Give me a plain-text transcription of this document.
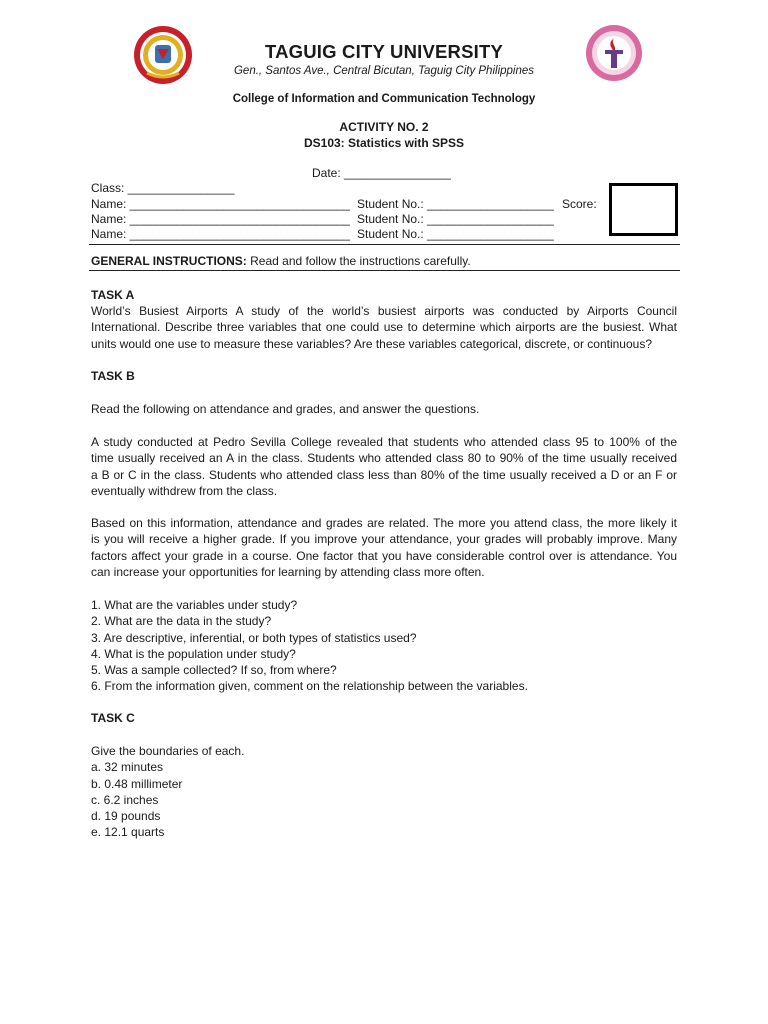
TAGUIG CITY UNIVERSITY
Gen., Santos Ave., Central Bicutan, Taguig City Philippines
College of Information and Communication Technology
ACTIVITY NO. 2
DS103: Statistics with SPSS
Date: ________________
Class: ________________
Name: _________________________________
Name: _________________________________
Name: _________________________________
Student No.: ___________________
Student No.: ___________________
Student No.: ___________________
Score:
GENERAL INSTRUCTIONS: Read and follow the instructions carefully.
TASK A
World’s Busiest Airports A study of the world’s busiest airports was conducted by Airports Council
International. Describe three variables that one could use to determine which airports are the busiest. What
units would one use to measure these variables? Are these variables categorical, discrete, or continuous?
TASK B
Read the following on attendance and grades, and answer the questions.
A study conducted at Pedro Sevilla College revealed that students who attended class 95 to 100% of the
time usually received an A in the class. Students who attended class 80 to 90% of the time usually received
a B or C in the class. Students who attended class less than 80% of the time usually received a D or an F or
eventually withdrew from the class.
Based on this information, attendance and grades are related. The more you attend class, the more likely it
is you will receive a higher grade. If you improve your attendance, your grades will probably improve. Many
factors affect your grade in a course. One factor that you have considerable control over is attendance. You
can increase your opportunities for learning by attending class more often.
1. What are the variables under study?
2. What are the data in the study?
3. Are descriptive, inferential, or both types of statistics used?
4. What is the population under study?
5. Was a sample collected? If so, from where?
6. From the information given, comment on the relationship between the variables.
TASK C
Give the boundaries of each.
a. 32 minutes
b. 0.48 millimeter
c. 6.2 inches
d. 19 pounds
e. 12.1 quarts
